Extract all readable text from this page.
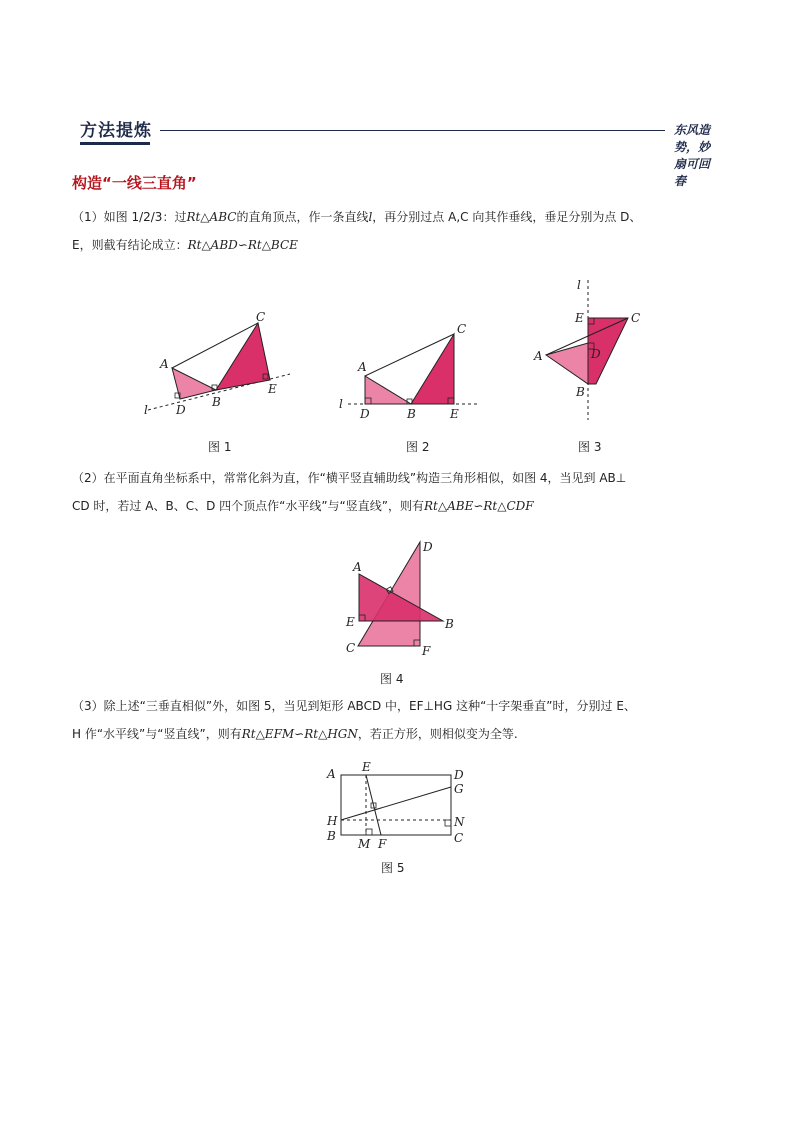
方法提炼	东风造势，妙扇可回春
构造“一线三直角”
（1）如图 1/2/3：过Rt△ABC的直角顶点，作一条直线l，再分别过点 A,C 向其作垂线，垂足分别为点 D、
E，则截有结论成立：Rt△ABD∽Rt△BCE
A
D
B
C
E
l
图 1
A
D	B
C
E
l
图 2
l
E	C
A	D
B
图 3
（2）在平面直角坐标系中，常常化斜为直，作“横平竖直辅助线”构造三角形相似，如图 4，当见到 AB⊥
CD 时，若过 A、B、C、D 四个顶点作“水平线”与“竖直线”，则有Rt△ABE∽Rt△CDF
A
D
E	B
C	F
图 4
（3）除上述“三垂直相似”外，如图 5，当见到矩形 ABCD 中，EF⊥HG 这种“十字架垂直”时，分别过 E、
H 作“水平线”与“竖直线”，则有Rt△EFM∽Rt△HGN，若正方形，则相似变为全等.
A E
D
G
H	N
B	C
M F
图 5
